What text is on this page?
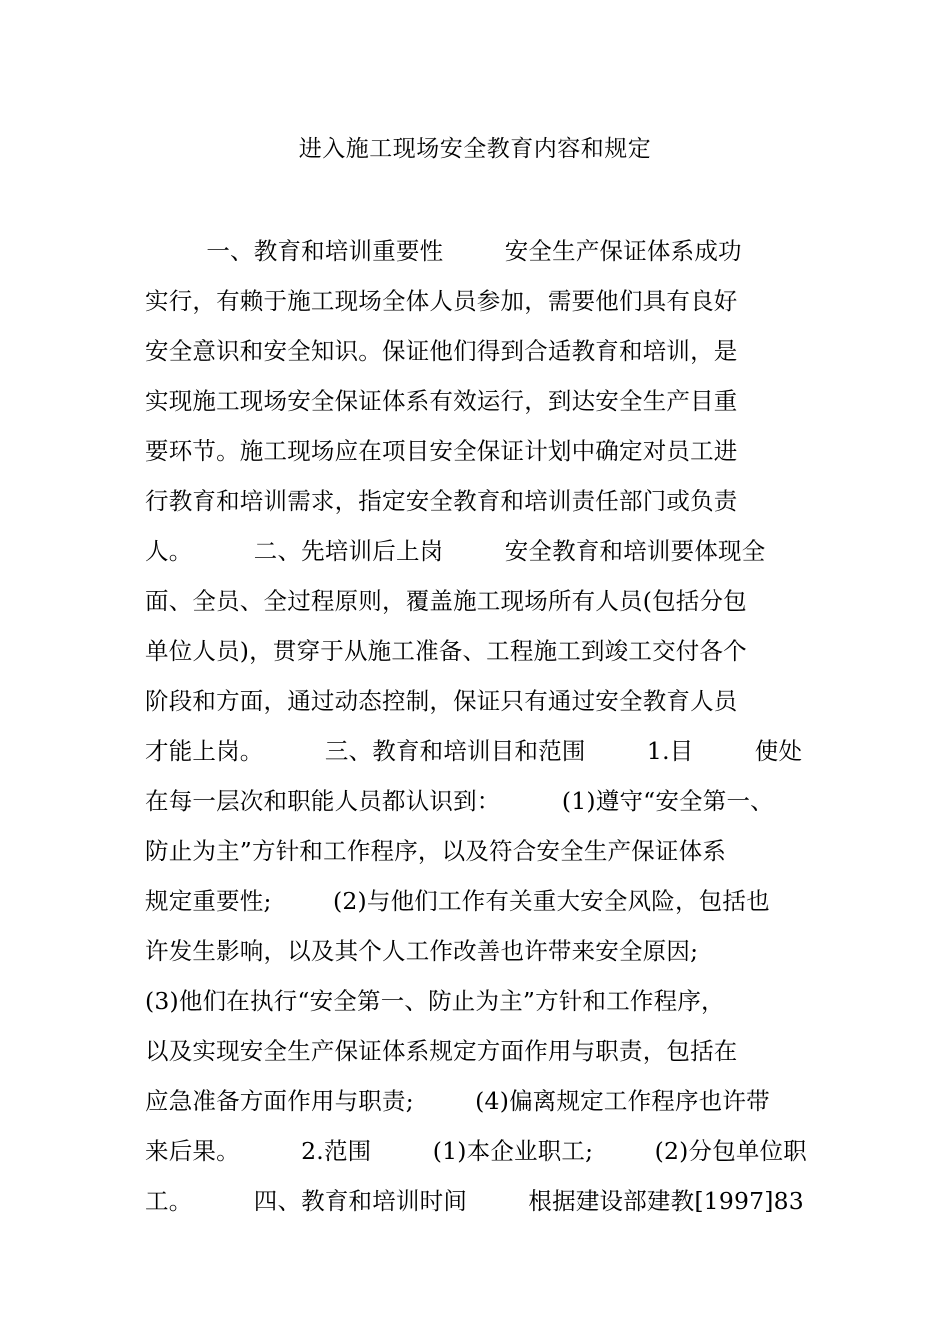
进入施工现场安全教育内容和规定
一、教育和培训重要性        安全生产保证体系成功
实行，有赖于施工现场全体人员参加，需要他们具有良好
安全意识和安全知识。保证他们得到合适教育和培训，是
实现施工现场安全保证体系有效运行，到达安全生产目重
要环节。施工现场应在项目安全保证计划中确定对员工进
行教育和培训需求，指定安全教育和培训责任部门或负责
人。        二、先培训后上岗        安全教育和培训要体现全
面、全员、全过程原则，覆盖施工现场所有人员(包括分包
单位人员)，贯穿于从施工准备、工程施工到竣工交付各个
阶段和方面，通过动态控制，保证只有通过安全教育人员
才能上岗。        三、教育和培训目和范围        1.目        使处
在每一层次和职能人员都认识到：        (1)遵守“安全第一、
防止为主”方针和工作程序，以及符合安全生产保证体系
规定重要性;        (2)与他们工作有关重大安全风险，包括也
许发生影响，以及其个人工作改善也许带来安全原因;
(3)他们在执行“安全第一、防止为主”方针和工作程序，
以及实现安全生产保证体系规定方面作用与职责，包括在
应急准备方面作用与职责;        (4)偏离规定工作程序也许带
来后果。        2.范围        (1)本企业职工;        (2)分包单位职
工。        四、教育和培训时间        根据建设部建教[1997]83
